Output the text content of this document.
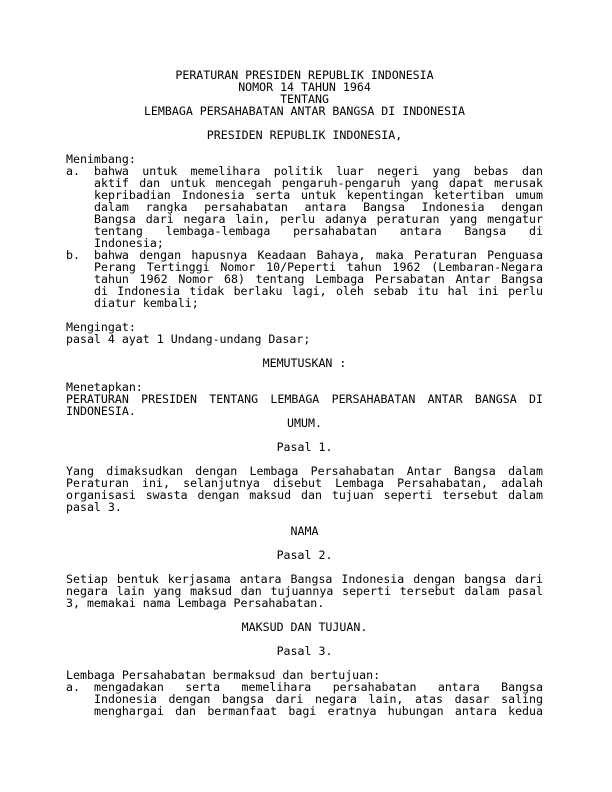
PERATURAN PRESIDEN REPUBLIK INDONESIA
NOMOR 14 TAHUN 1964
TENTANG
LEMBAGA PERSAHABATAN ANTAR BANGSA DI INDONESIA
PRESIDEN REPUBLIK INDONESIA,
Menimbang:
a. bahwa untuk memelihara politik luar negeri yang bebas dan
aktif dan untuk mencegah pengaruh-pengaruh yang dapat merusak
kepribadian Indonesia serta untuk kepentingan ketertiban umum
dalam rangka persahabatan antara Bangsa Indonesia dengan
Bangsa dari negara lain, perlu adanya peraturan yang mengatur
tentang lembaga-lembaga persahabatan antara Bangsa di
Indonesia;
b. bahwa dengan hapusnya Keadaan Bahaya, maka Peraturan Penguasa
Perang Tertinggi Nomor 10/Peperti tahun 1962 (Lembaran-Negara
tahun 1962 Nomor 68) tentang Lembaga Persabatan Antar Bangsa
di Indonesia tidak berlaku lagi, oleh sebab itu hal ini perlu
diatur kembali;
Mengingat:
pasal 4 ayat 1 Undang-undang Dasar;
MEMUTUSKAN :
Menetapkan:
PERATURAN PRESIDEN TENTANG LEMBAGA PERSAHABATAN ANTAR BANGSA DI
INDONESIA.
UMUM.
Pasal 1.
Yang dimaksudkan dengan Lembaga Persahabatan Antar Bangsa dalam
Peraturan ini, selanjutnya disebut Lembaga Persahabatan, adalah
organisasi swasta dengan maksud dan tujuan seperti tersebut dalam
pasal 3.
NAMA
Pasal 2.
Setiap bentuk kerjasama antara Bangsa Indonesia dengan bangsa dari
negara lain yang maksud dan tujuannya seperti tersebut dalam pasal
3, memakai nama Lembaga Persahabatan.
MAKSUD DAN TUJUAN.
Pasal 3.
Lembaga Persahabatan bermaksud dan bertujuan:
a. mengadakan serta memelihara persahabatan antara Bangsa
Indonesia dengan bangsa dari negara lain, atas dasar saling
menghargai dan bermanfaat bagi eratnya hubungan antara kedua
